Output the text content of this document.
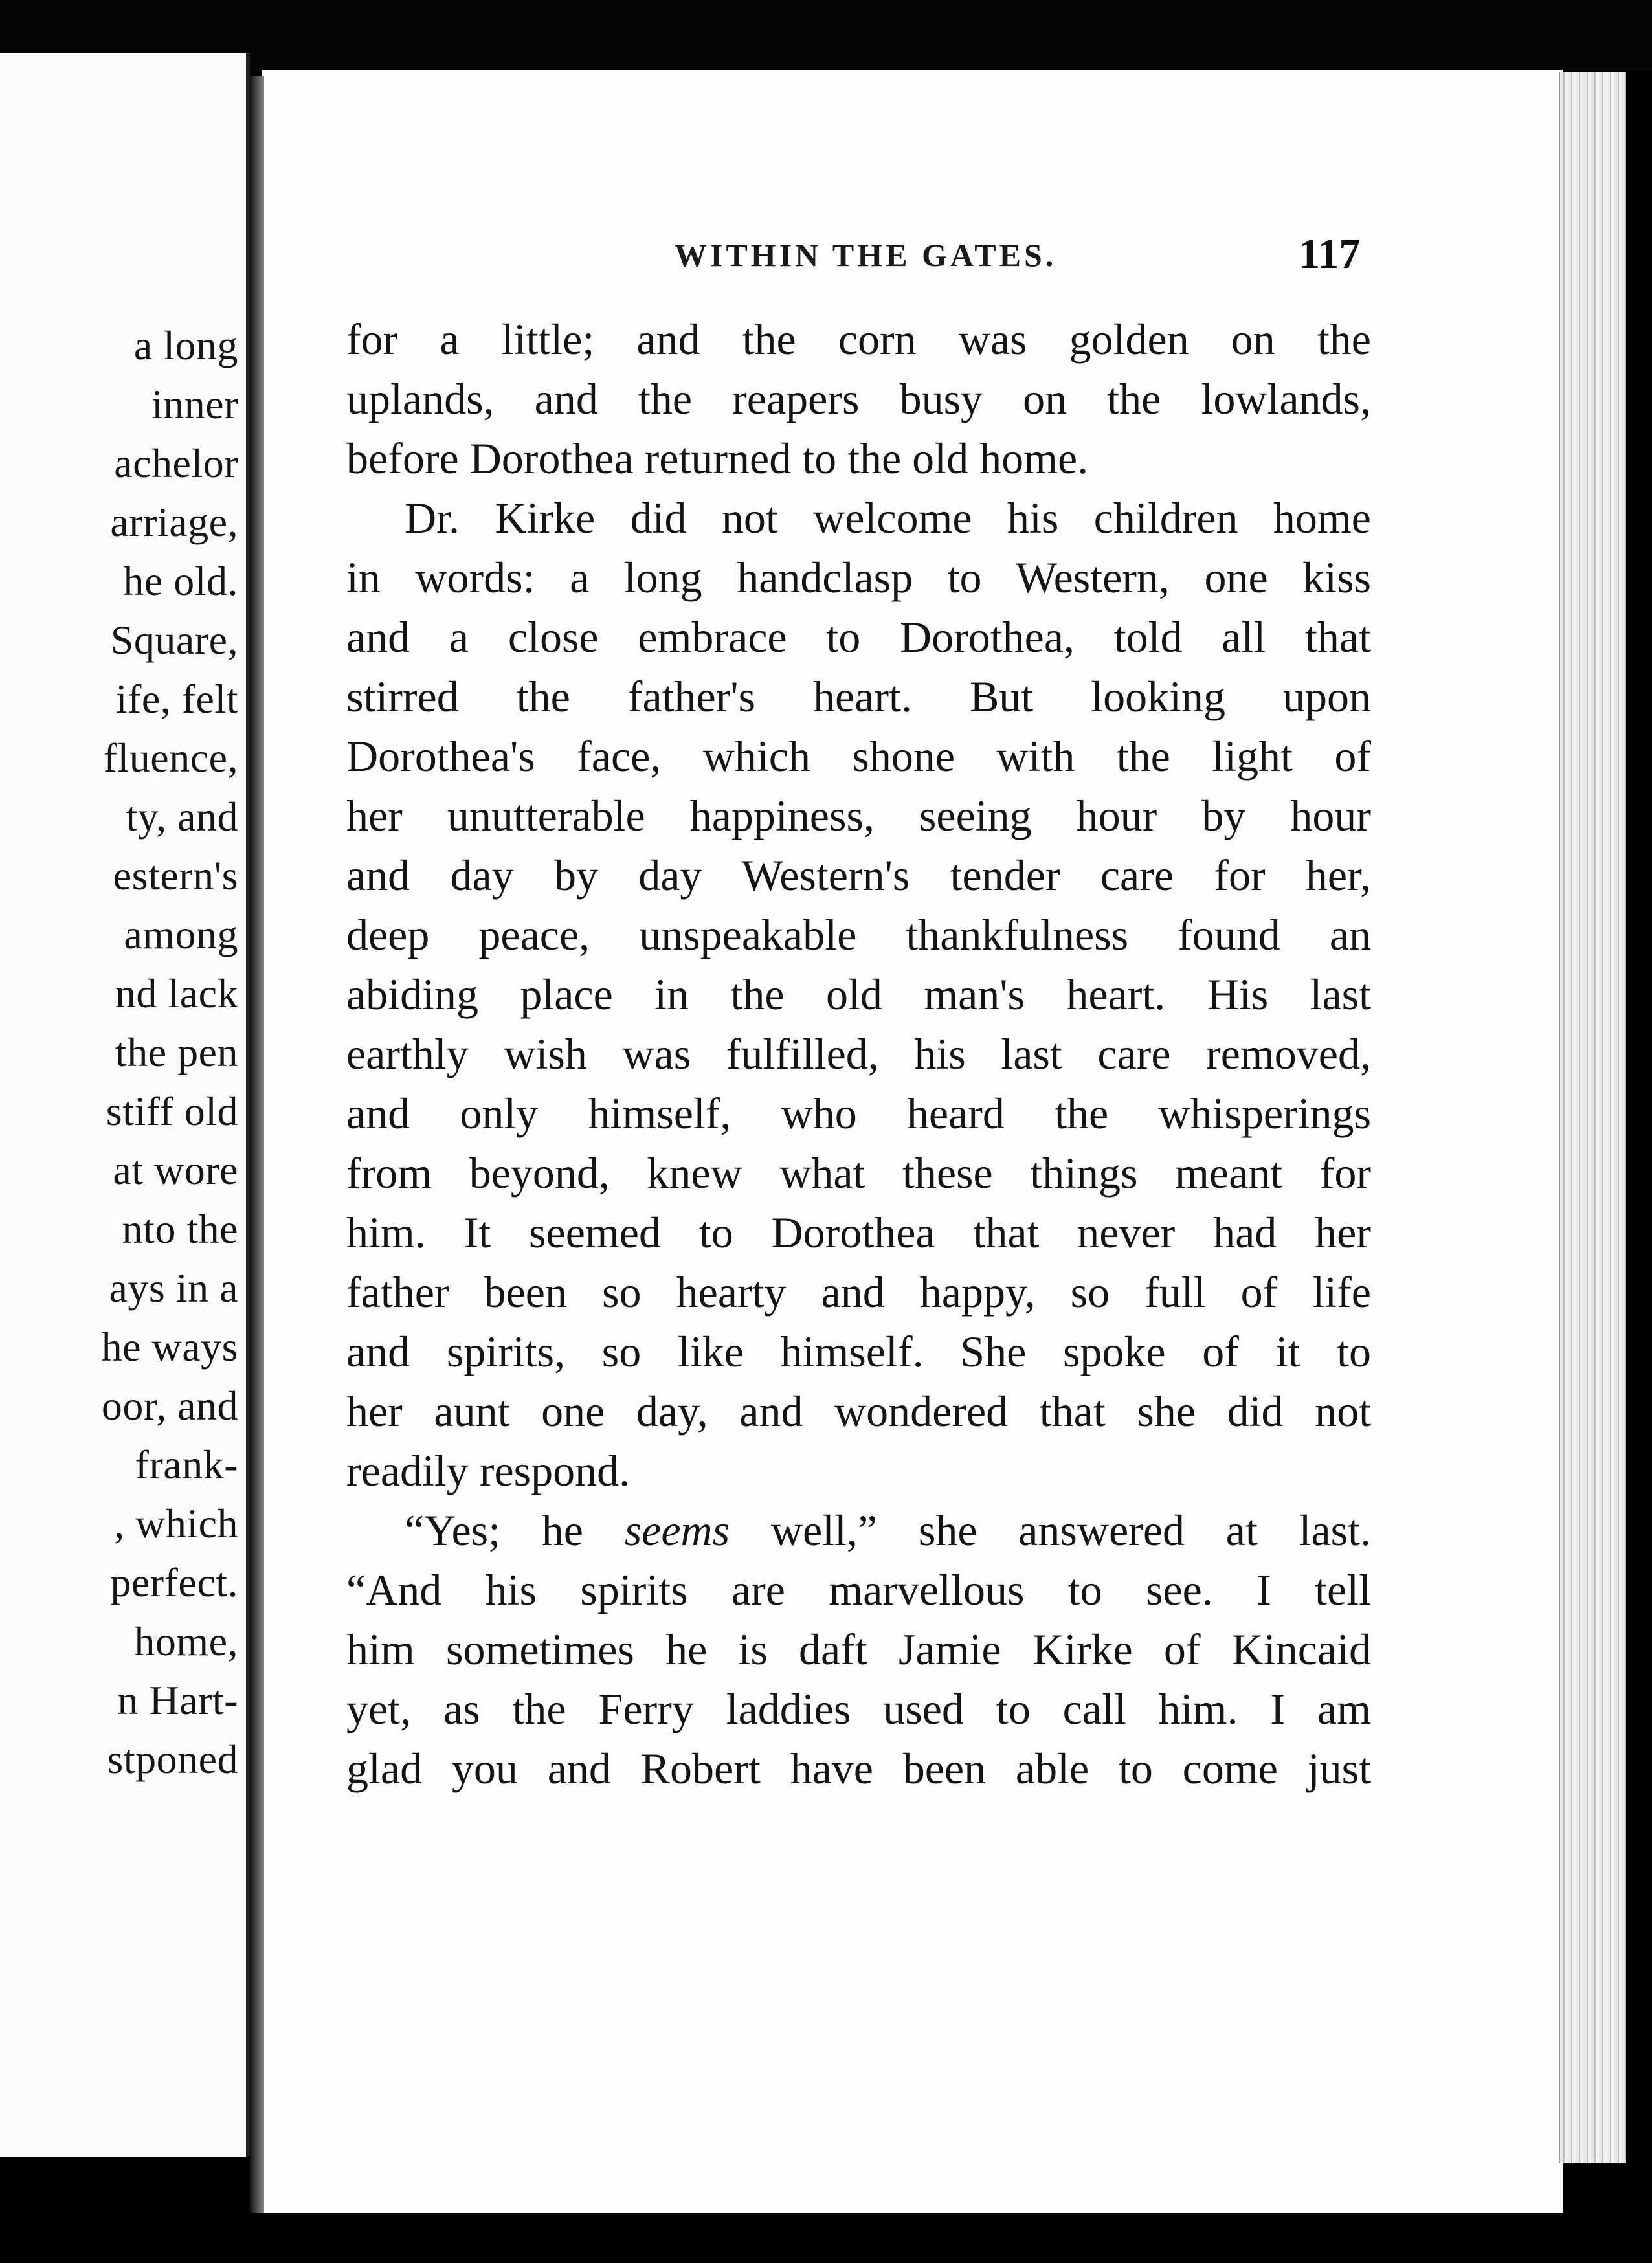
a long
inner
achelor
arriage,
he old.
Square,
ife, felt
fluence,
ty, and
estern's
among
nd lack
the pen
stiff old
at wore
nto the
ays in a
he ways
oor, and
frank-
, which
perfect.
home,
n Hart-
stponed
WITHIN THE GATES.	117
for a little; and the corn was golden on the
uplands, and the reapers busy on the lowlands,
before Dorothea returned to the old home.
Dr. Kirke did not welcome his children home
in words: a long handclasp to Western, one kiss
and a close embrace to Dorothea, told all that
stirred the father's heart. But looking upon
Dorothea's face, which shone with the light of
her unutterable happiness, seeing hour by hour
and day by day Western's tender care for her,
deep peace, unspeakable thankfulness found an
abiding place in the old man's heart. His last
earthly wish was fulfilled, his last care removed,
and only himself, who heard the whisperings
from beyond, knew what these things meant for
him. It seemed to Dorothea that never had her
father been so hearty and happy, so full of life
and spirits, so like himself. She spoke of it to
her aunt one day, and wondered that she did not
readily respond.
“Yes; he seems well,” she answered at last.
“And his spirits are marvellous to see. I tell
him sometimes he is daft Jamie Kirke of Kincaid
yet, as the Ferry laddies used to call him. I am
glad you and Robert have been able to come just
